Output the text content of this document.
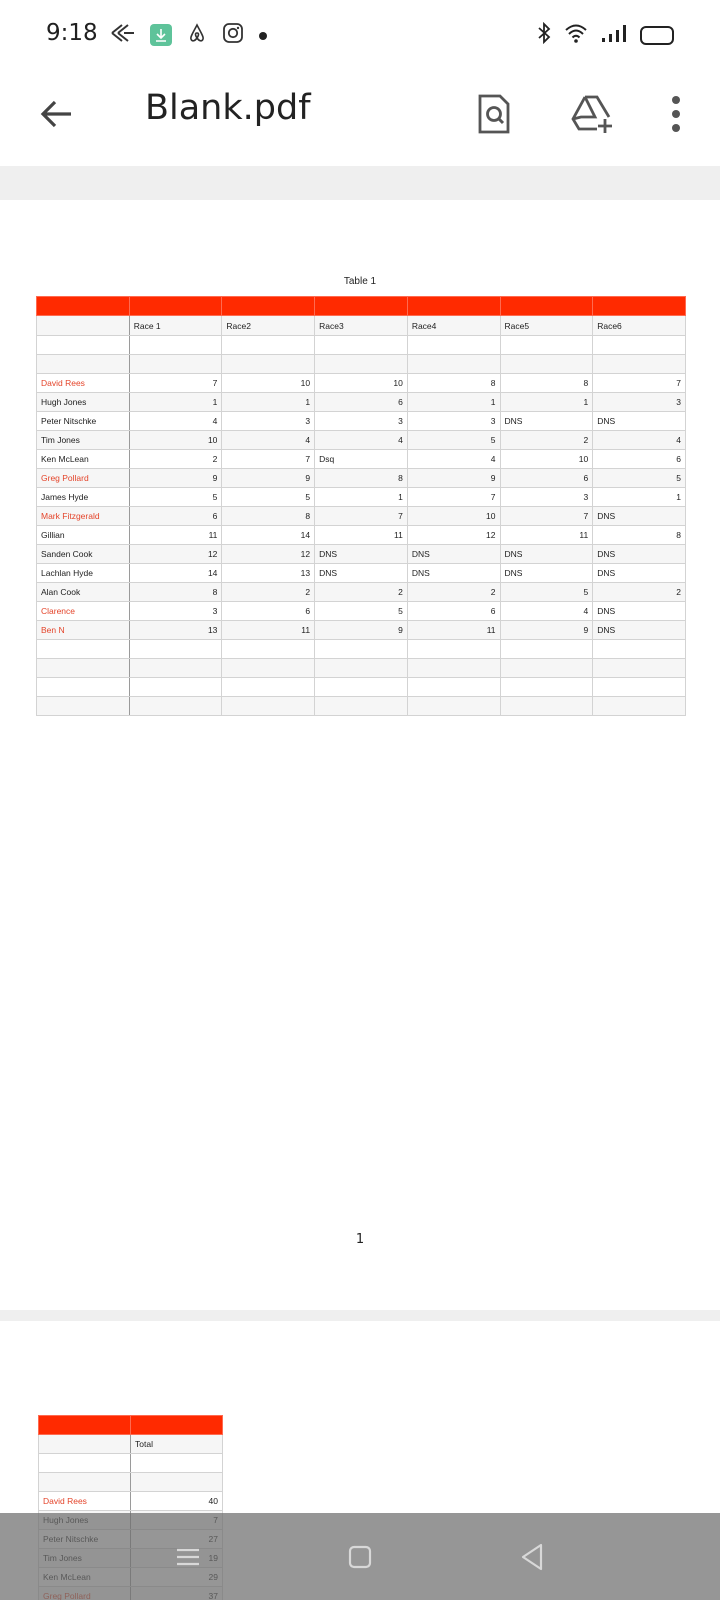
9:18
Blank.pdf
Table 1

	Race 1	Race2	Race3	Race4	Race5	Race6

David Rees	7	10	10	8	8	7
Hugh Jones	1	1	6	1	1	3
Peter Nitschke	4	3	3	3	DNS	DNS
Tim Jones	10	4	4	5	2	4
Ken McLean	2	7	Dsq	4	10	6
Greg Pollard	9	9	8	9	6	5
James Hyde	5	5	1	7	3	1
Mark Fitzgerald	6	8	7	10	7	DNS
Gillian	11	14	11	12	11	8
Sanden Cook	12	12	DNS	DNS	DNS	DNS
Lachlan Hyde	14	13	DNS	DNS	DNS	DNS
Alan Cook	8	2	2	2	5	2
Clarence	3	6	5	6	4	DNS
Ben N	13	11	9	11	9	DNS

1

	Total

David Rees	40
